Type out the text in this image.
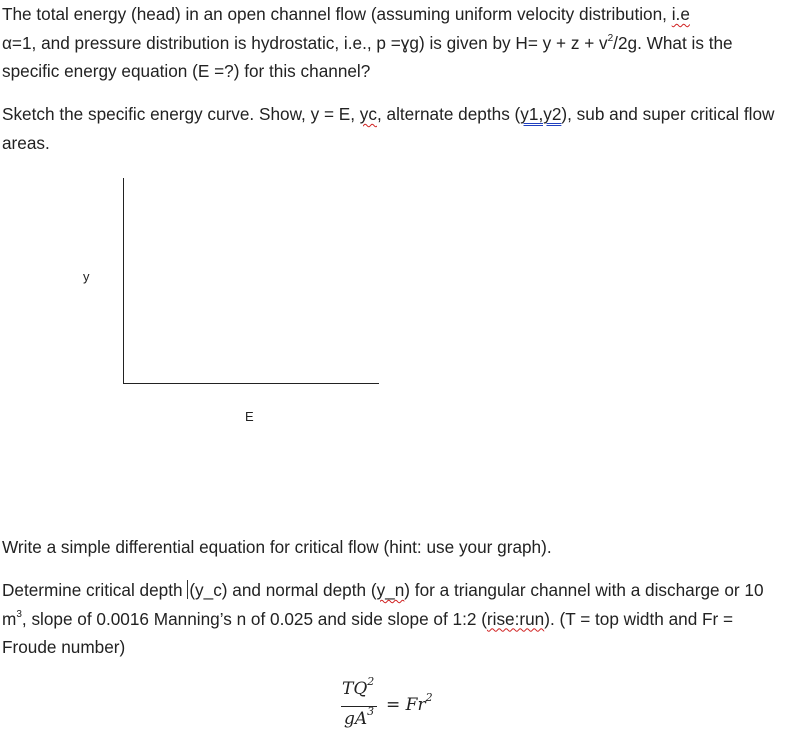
The total energy (head) in an open channel flow (assuming uniform velocity distribution, i.e
α=1, and pressure distribution is hydrostatic, i.e., p =ɣg) is given by $H= y + z + v^2/2g$. What is the specific energy equation (E =?) for this channel?

Sketch the specific energy curve. Show, y = E, yc, alternate depths (y1,y2), sub and super critical flow areas.

y
E

Write a simple differential equation for critical flow (hint: use your graph).

Determine critical depth (y_c) and normal depth (y_n) for a triangular channel with a discharge or 10 $m^3$, slope of 0.0016 Manning’s n of 0.025 and side slope of 1:2 (rise:run). (T = top width and Fr = Froude number)

$TQ^2$
$gA^3 = Fr^2$
